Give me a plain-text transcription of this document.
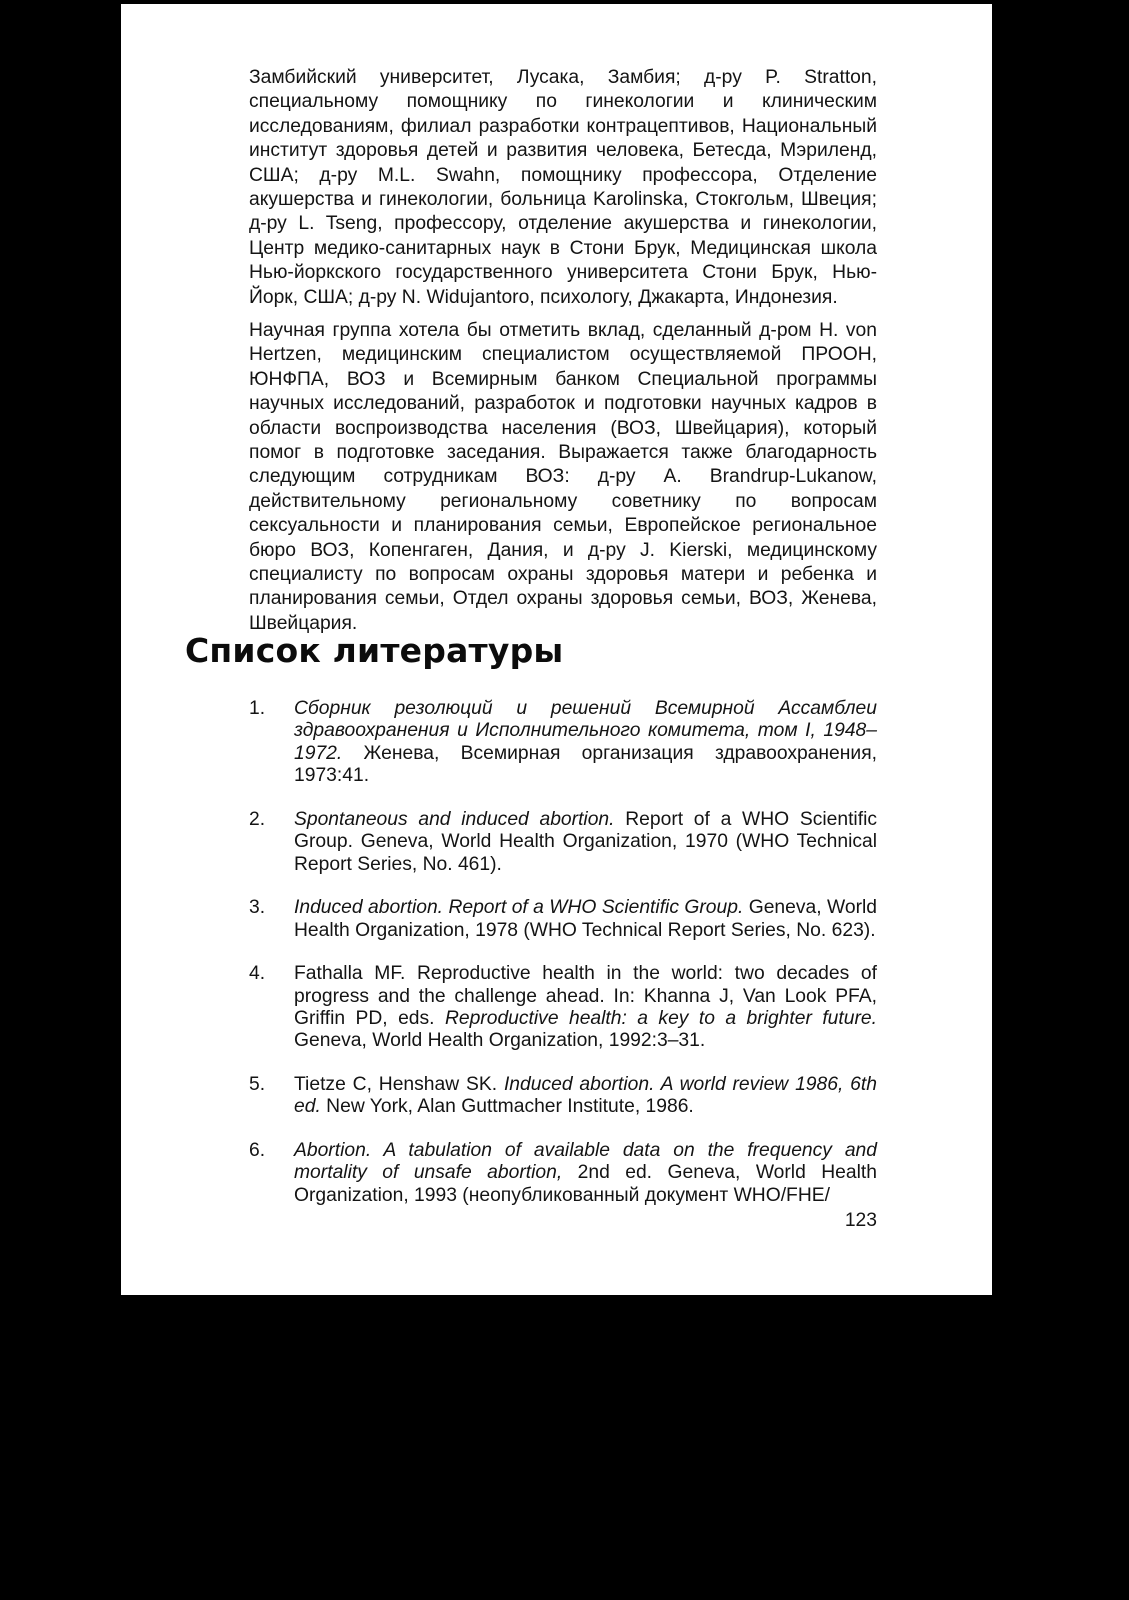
Замбийский университет, Лусака, Замбия; д-ру P. Stratton, специальному помощнику по гинекологии и клиническим исследованиям, филиал разработки контрацептивов, Национальный институт здоровья детей и развития человека, Бетесда, Мэриленд, США; д-ру M.L. Swahn, помощнику профессора, Отделение акушерства и гинекологии, больница Karolinska, Стокгольм, Швеция; д-ру L. Tseng, профессору, отделение акушерства и гинекологии, Центр медико-санитарных наук в Стони Брук, Медицинская школа Нью-йоркского государственного университета Стони Брук, Нью-Йорк, США; д-ру N. Widujantoro, психологу, Джакарта, Индонезия.

Научная группа хотела бы отметить вклад, сделанный д-ром H. von Hertzen, медицинским специалистом осуществляемой ПРООН, ЮНФПА, ВОЗ и Всемирным банком Специальной программы научных исследований, разработок и подготовки научных кадров в области воспроизводства населения (ВОЗ, Швейцария), который помог в подготовке заседания. Выражается также благодарность следующим сотрудникам ВОЗ: д-ру A. Brandrup-Lukanow, действительному региональному советнику по вопросам сексуальности и планирования семьи, Европейское региональное бюро ВОЗ, Копенгаген, Дания, и д-ру J. Kierski, медицинскому специалисту по вопросам охраны здоровья матери и ребенка и планирования семьи, Отдел охраны здоровья семьи, ВОЗ, Женева, Швейцария.

Список литературы
1. Сборник резолюций и решений Всемирной Ассамблеи здравоохранения и Исполнительного комитета, том I, 1948–1972. Женева, Всемирная организация здравоохранения, 1973:41.
2. Spontaneous and induced abortion. Report of a WHO Scientific Group. Geneva, World Health Organization, 1970 (WHO Technical Report Series, No. 461).
3. Induced abortion. Report of a WHO Scientific Group. Geneva, World Health Organization, 1978 (WHO Technical Report Series, No. 623).
4. Fathalla MF. Reproductive health in the world: two decades of progress and the challenge ahead. In: Khanna J, Van Look PFA, Griffin PD, eds. Reproductive health: a key to a brighter future. Geneva, World Health Organization, 1992:3–31.
5. Tietze C, Henshaw SK. Induced abortion. A world review 1986, 6th ed. New York, Alan Guttmacher Institute, 1986.
6. Abortion. A tabulation of available data on the frequency and mortality of unsafe abortion, 2nd ed. Geneva, World Health Organization, 1993 (неопубликованный документ WHO/FHE/
123
